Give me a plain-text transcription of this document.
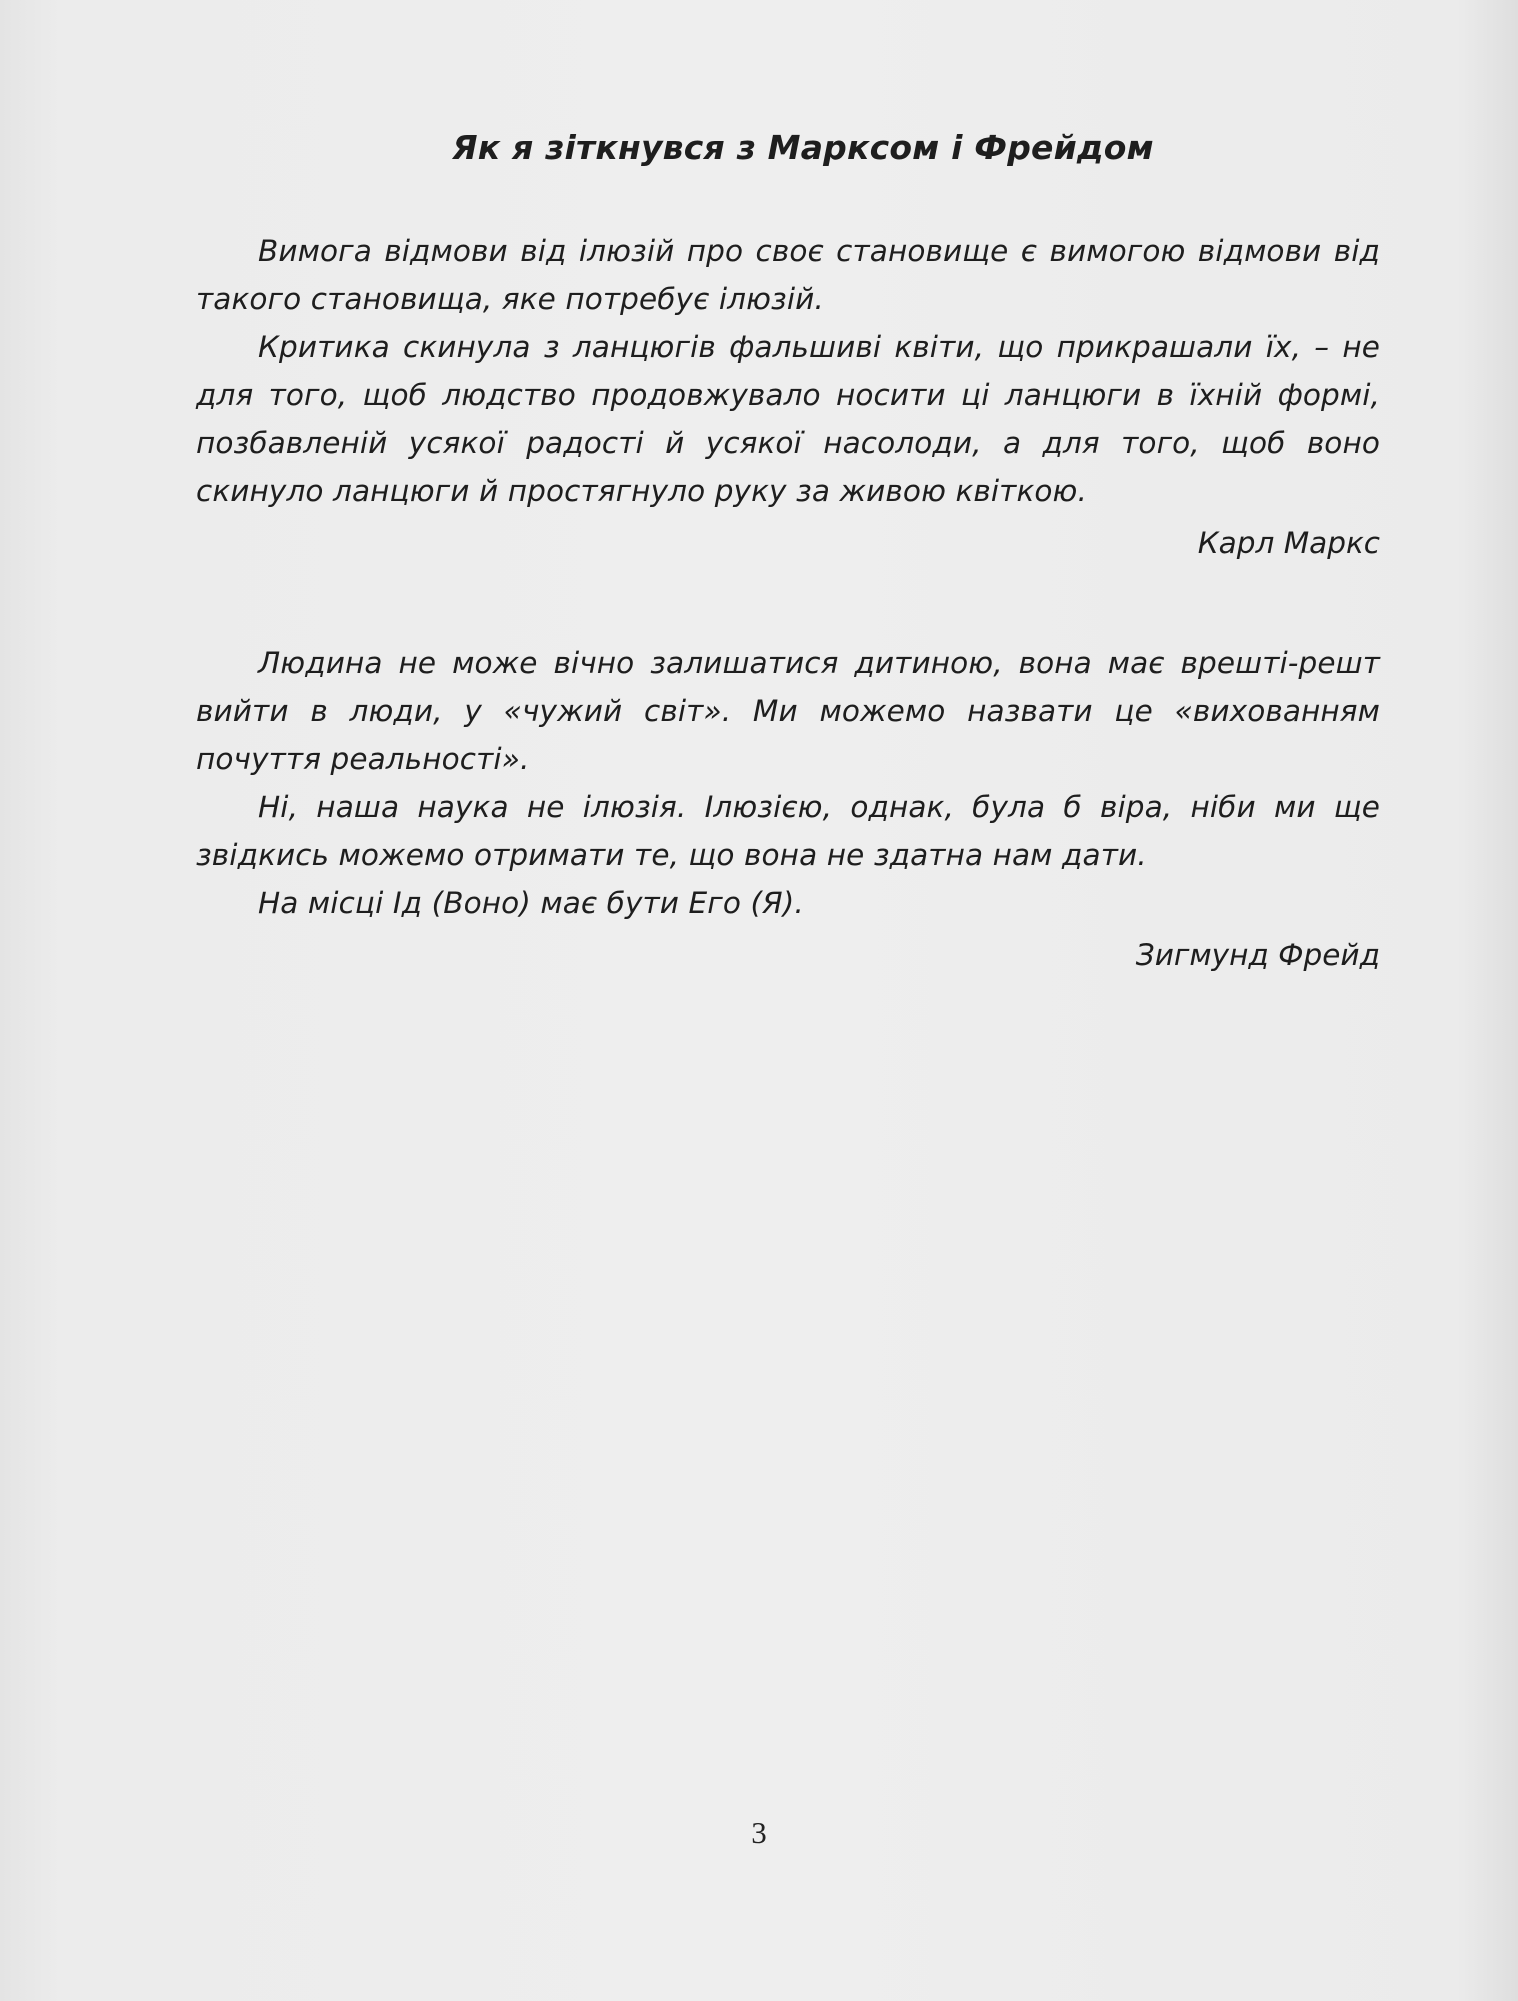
Як я зіткнувся з Марксом і Фрейдом

Вимога відмови від ілюзій про своє становище є вимогою відмови від такого становища, яке потребує ілюзій.

Критика скинула з ланцюгів фальшиві квіти, що прикрашали їх, – не для того, щоб людство продовжувало носити ці ланцюги в їхній формі, позбавленій усякої радості й усякої насолоди, а для того, щоб воно скинуло ланцюги й простягнуло руку за живою квіткою.

Карл Маркс

Людина не може вічно залишатися дитиною, вона має врешті-решт вийти в люди, у «чужий світ». Ми можемо назвати це «вихованням почуття реальності».

Ні, наша наука не ілюзія. Ілюзією, однак, була б віра, ніби ми ще звідкись можемо отримати те, що вона не здатна нам дати.

На місці Ід (Воно) має бути Его (Я).

Зигмунд Фрейд
3
